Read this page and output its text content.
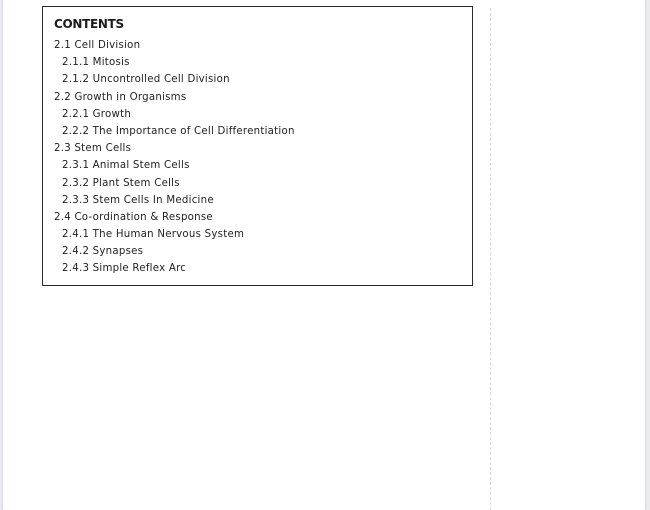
CONTENTS
2.1 Cell Division
2.1.1 Mitosis
2.1.2 Uncontrolled Cell Division
2.2 Growth in Organisms
2.2.1 Growth
2.2.2 The Importance of Cell Differentiation
2.3 Stem Cells
2.3.1 Animal Stem Cells
2.3.2 Plant Stem Cells
2.3.3 Stem Cells In Medicine
2.4 Co-ordination & Response
2.4.1 The Human Nervous System
2.4.2 Synapses
2.4.3 Simple Reflex Arc
